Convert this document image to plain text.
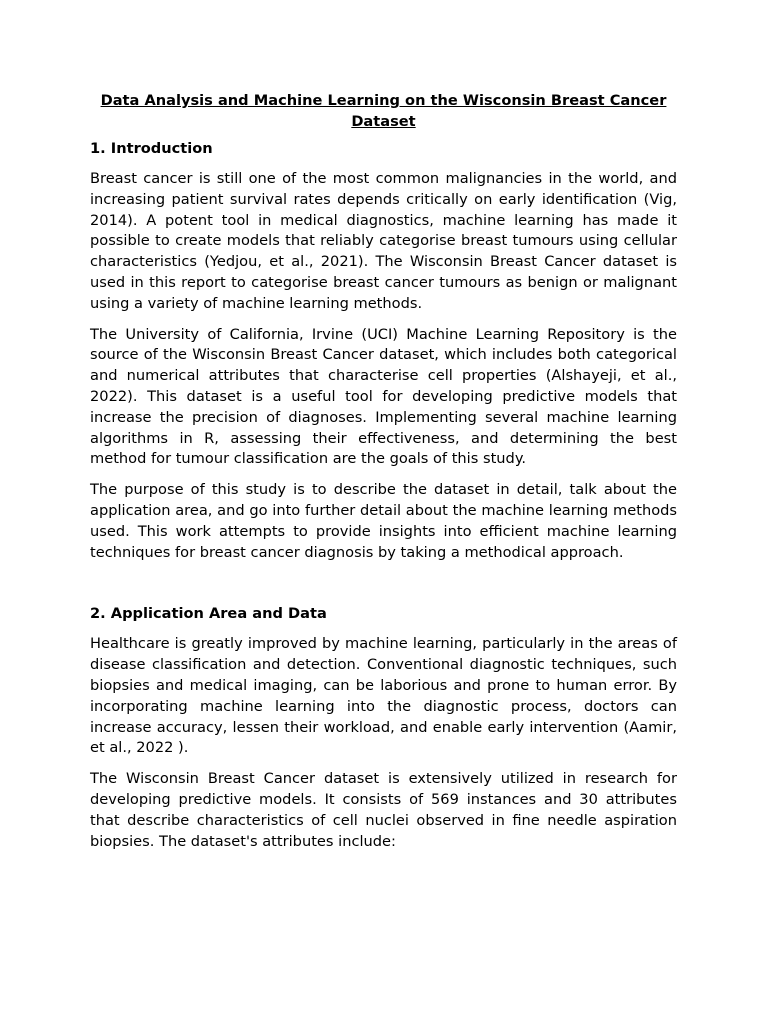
Data Analysis and Machine Learning on the Wisconsin Breast Cancer Dataset
1. Introduction

Breast cancer is still one of the most common malignancies in the world, and increasing patient survival rates depends critically on early identification (Vig, 2014). A potent tool in medical diagnostics, machine learning has made it possible to create models that reliably categorise breast tumours using cellular characteristics (Yedjou, et al., 2021). The Wisconsin Breast Cancer dataset is used in this report to categorise breast cancer tumours as benign or malignant using a variety of machine learning methods.

The University of California, Irvine (UCI) Machine Learning Repository is the source of the Wisconsin Breast Cancer dataset, which includes both categorical and numerical attributes that characterise cell properties (Alshayeji, et al., 2022). This dataset is a useful tool for developing predictive models that increase the precision of diagnoses. Implementing several machine learning algorithms in R, assessing their effectiveness, and determining the best method for tumour classification are the goals of this study.

The purpose of this study is to describe the dataset in detail, talk about the application area, and go into further detail about the machine learning methods used. This work attempts to provide insights into efficient machine learning techniques for breast cancer diagnosis by taking a methodical approach.

2. Application Area and Data

Healthcare is greatly improved by machine learning, particularly in the areas of disease classification and detection. Conventional diagnostic techniques, such biopsies and medical imaging, can be laborious and prone to human error. By incorporating machine learning into the diagnostic process, doctors can increase accuracy, lessen their workload, and enable early intervention (Aamir, et al., 2022 ).

The Wisconsin Breast Cancer dataset is extensively utilized in research for developing predictive models. It consists of 569 instances and 30 attributes that describe characteristics of cell nuclei observed in fine needle aspiration biopsies. The dataset's attributes include:
